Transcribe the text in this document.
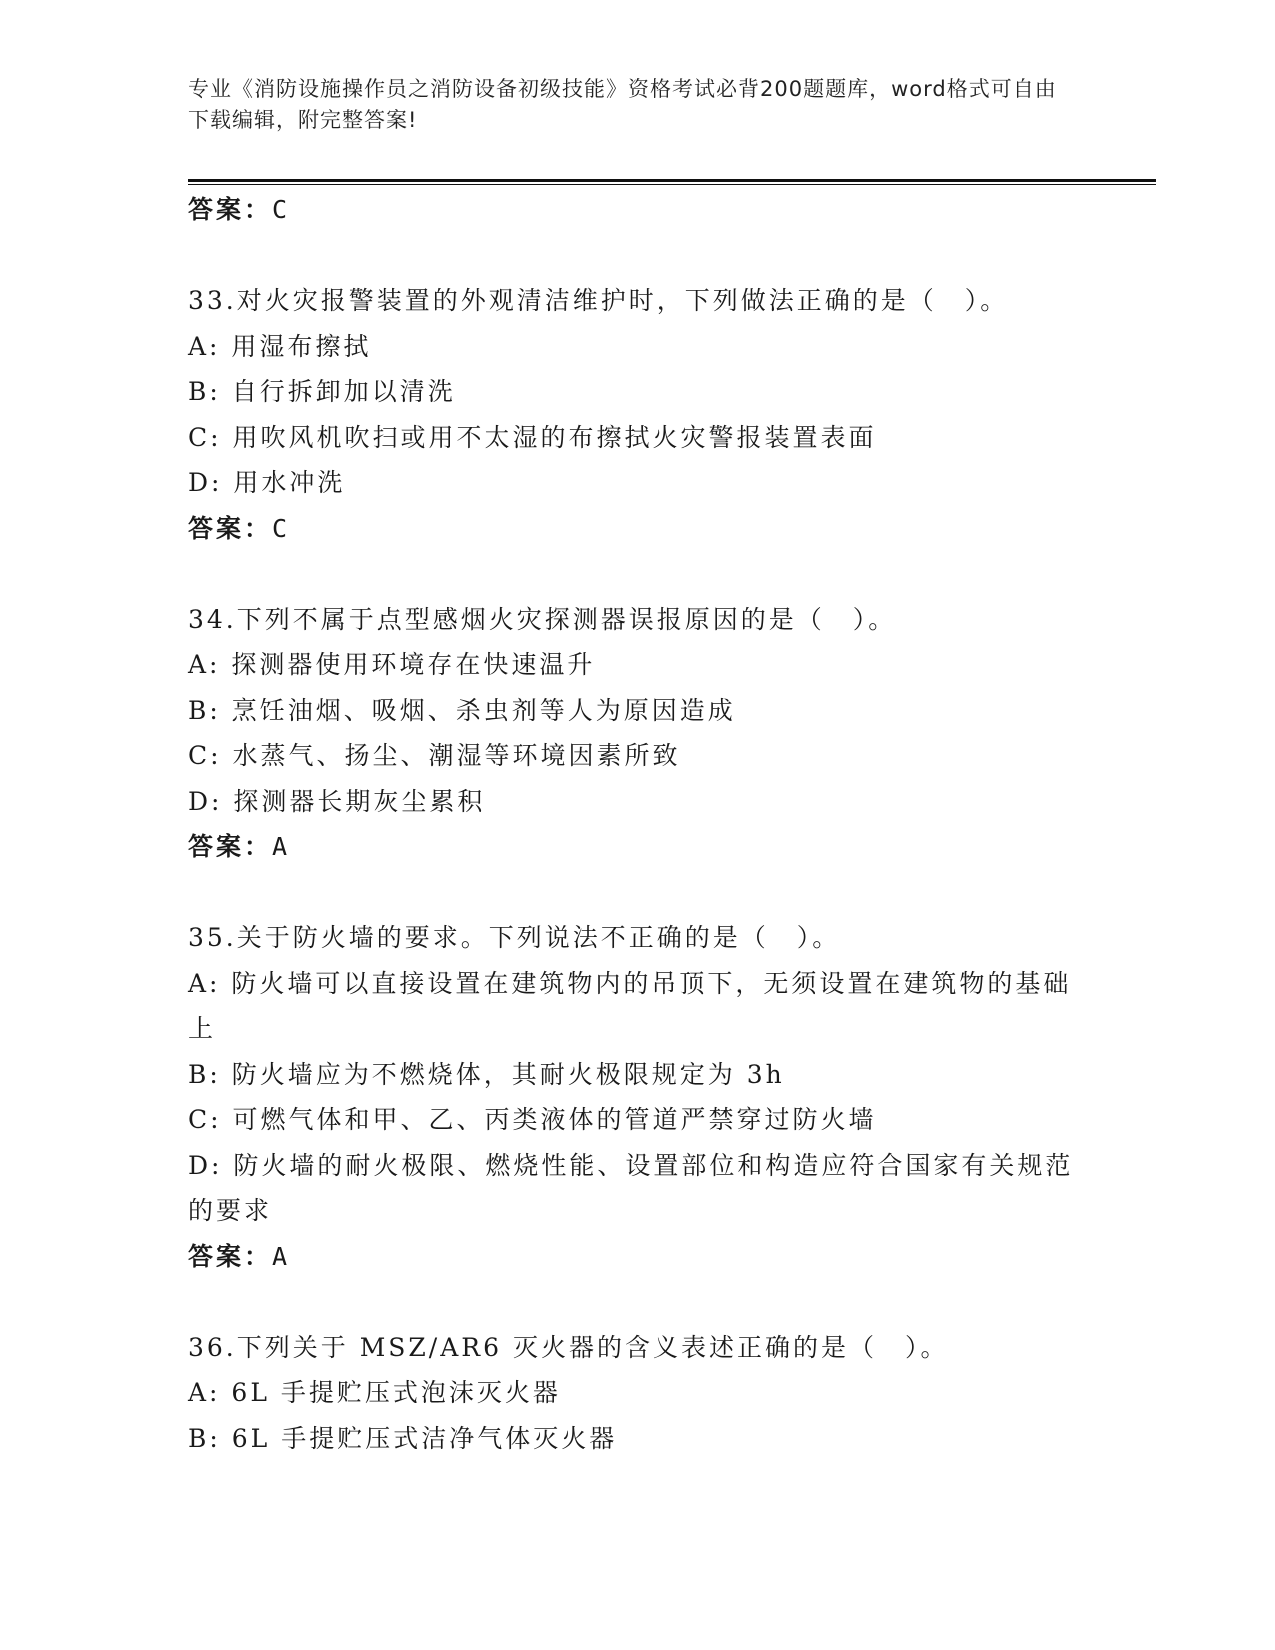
专业《消防设施操作员之消防设备初级技能》资格考试必背200题题库，word格式可自由下载编辑，附完整答案!
答案：C
33.对火灾报警装置的外观清洁维护时，下列做法正确的是（　）。
A: 用湿布擦拭
B: 自行拆卸加以清洗
C: 用吹风机吹扫或用不太湿的布擦拭火灾警报装置表面
D: 用水冲洗
答案：C
34.下列不属于点型感烟火灾探测器误报原因的是（　）。
A: 探测器使用环境存在快速温升
B: 烹饪油烟、吸烟、杀虫剂等人为原因造成
C: 水蒸气、扬尘、潮湿等环境因素所致
D: 探测器长期灰尘累积
答案：A
35.关于防火墙的要求。下列说法不正确的是（　）。
A: 防火墙可以直接设置在建筑物内的吊顶下，无须设置在建筑物的基础上
B: 防火墙应为不燃烧体，其耐火极限规定为 3h
C: 可燃气体和甲、乙、丙类液体的管道严禁穿过防火墙
D: 防火墙的耐火极限、燃烧性能、设置部位和构造应符合国家有关规范的要求
答案：A
36.下列关于 MSZ/AR6 灭火器的含义表述正确的是（　）。
A: 6L 手提贮压式泡沫灭火器
B: 6L 手提贮压式洁净气体灭火器
